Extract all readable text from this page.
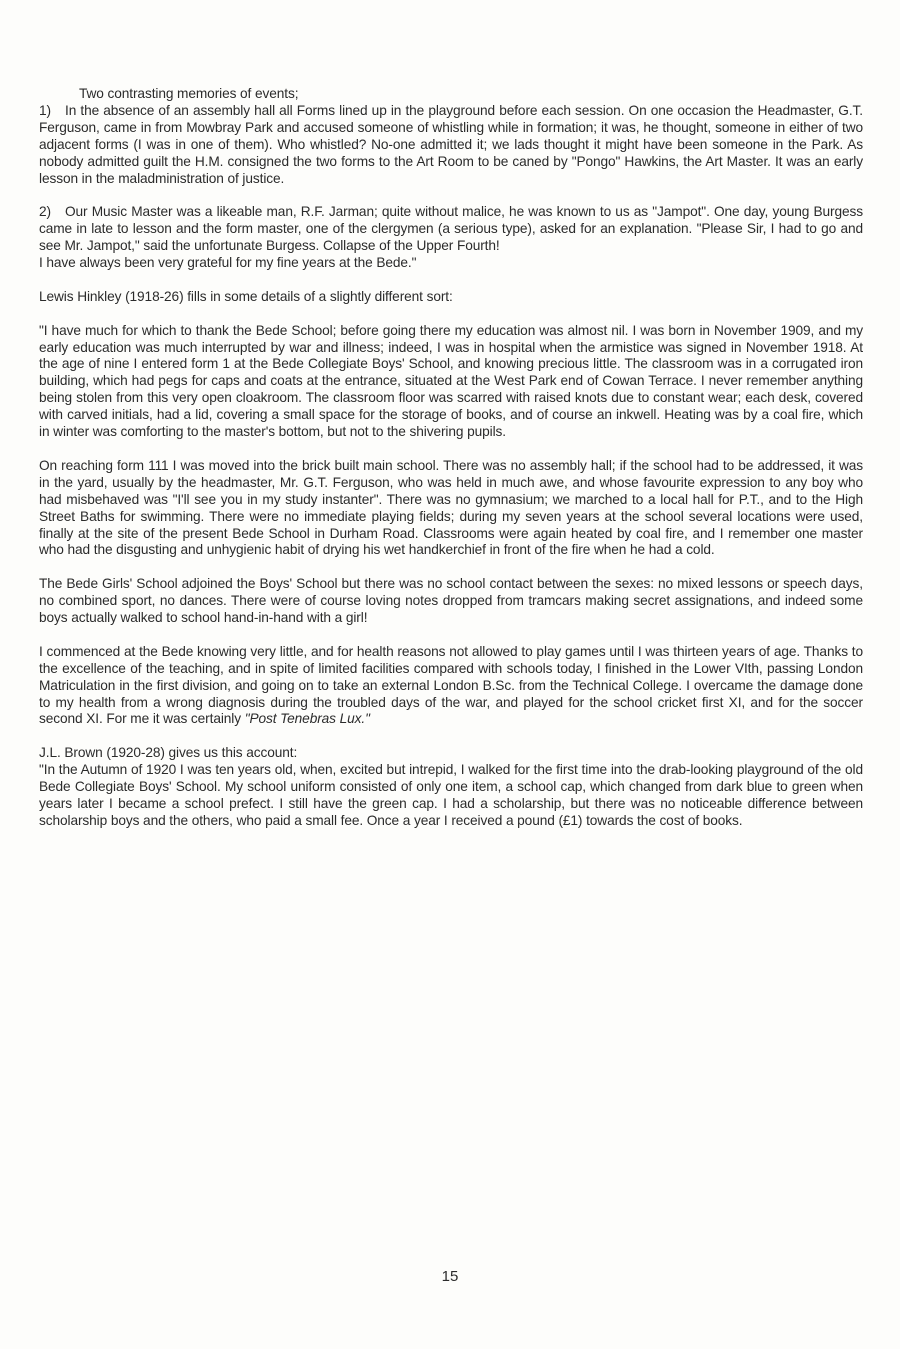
Two contrasting memories of events;

1) In the absence of an assembly hall all Forms lined up in the playground before each session. On one occasion the Headmaster, G.T. Ferguson, came in from Mowbray Park and accused someone of whistling while in formation; it was, he thought, someone in either of two adjacent forms (I was in one of them). Who whistled? No-one admitted it; we lads thought it might have been someone in the Park. As nobody admitted guilt the H.M. consigned the two forms to the Art Room to be caned by "Pongo" Hawkins, the Art Master. It was an early lesson in the maladministration of justice.

2) Our Music Master was a likeable man, R.F. Jarman; quite without malice, he was known to us as "Jampot". One day, young Burgess came in late to lesson and the form master, one of the clergymen (a serious type), asked for an explanation. "Please Sir, I had to go and see Mr. Jampot," said the unfortunate Burgess. Collapse of the Upper Fourth!

I have always been very grateful for my fine years at the Bede."

Lewis Hinkley (1918-26) fills in some details of a slightly different sort:

"I have much for which to thank the Bede School; before going there my education was almost nil. I was born in November 1909, and my early education was much interrupted by war and illness; indeed, I was in hospital when the armistice was signed in November 1918. At the age of nine I entered form 1 at the Bede Collegiate Boys' School, and knowing precious little. The classroom was in a corrugated iron building, which had pegs for caps and coats at the entrance, situated at the West Park end of Cowan Terrace. I never remember anything being stolen from this very open cloakroom. The classroom floor was scarred with raised knots due to constant wear; each desk, covered with carved initials, had a lid, covering a small space for the storage of books, and of course an inkwell. Heating was by a coal fire, which in winter was comforting to the master's bottom, but not to the shivering pupils.

On reaching form 111 I was moved into the brick built main school. There was no assembly hall; if the school had to be addressed, it was in the yard, usually by the headmaster, Mr. G.T. Ferguson, who was held in much awe, and whose favourite expression to any boy who had misbehaved was "I'll see you in my study instanter". There was no gymnasium; we marched to a local hall for P.T., and to the High Street Baths for swimming. There were no immediate playing fields; during my seven years at the school several locations were used, finally at the site of the present Bede School in Durham Road. Classrooms were again heated by coal fire, and I remember one master who had the disgusting and unhygienic habit of drying his wet handkerchief in front of the fire when he had a cold.

The Bede Girls' School adjoined the Boys' School but there was no school contact between the sexes: no mixed lessons or speech days, no combined sport, no dances. There were of course loving notes dropped from tramcars making secret assignations, and indeed some boys actually walked to school hand-in-hand with a girl!

I commenced at the Bede knowing very little, and for health reasons not allowed to play games until I was thirteen years of age. Thanks to the excellence of the teaching, and in spite of limited facilities compared with schools today, I finished in the Lower VIth, passing London Matriculation in the first division, and going on to take an external London B.Sc. from the Technical College. I overcame the damage done to my health from a wrong diagnosis during the troubled days of the war, and played for the school cricket first XI, and for the soccer second XI. For me it was certainly "Post Tenebras Lux."

J.L. Brown (1920-28) gives us this account:

"In the Autumn of 1920 I was ten years old, when, excited but intrepid, I walked for the first time into the drab-looking playground of the old Bede Collegiate Boys' School. My school uniform consisted of only one item, a school cap, which changed from dark blue to green when years later I became a school prefect. I still have the green cap. I had a scholarship, but there was no noticeable difference between scholarship boys and the others, who paid a small fee. Once a year I received a pound (£1) towards the cost of books.

15
